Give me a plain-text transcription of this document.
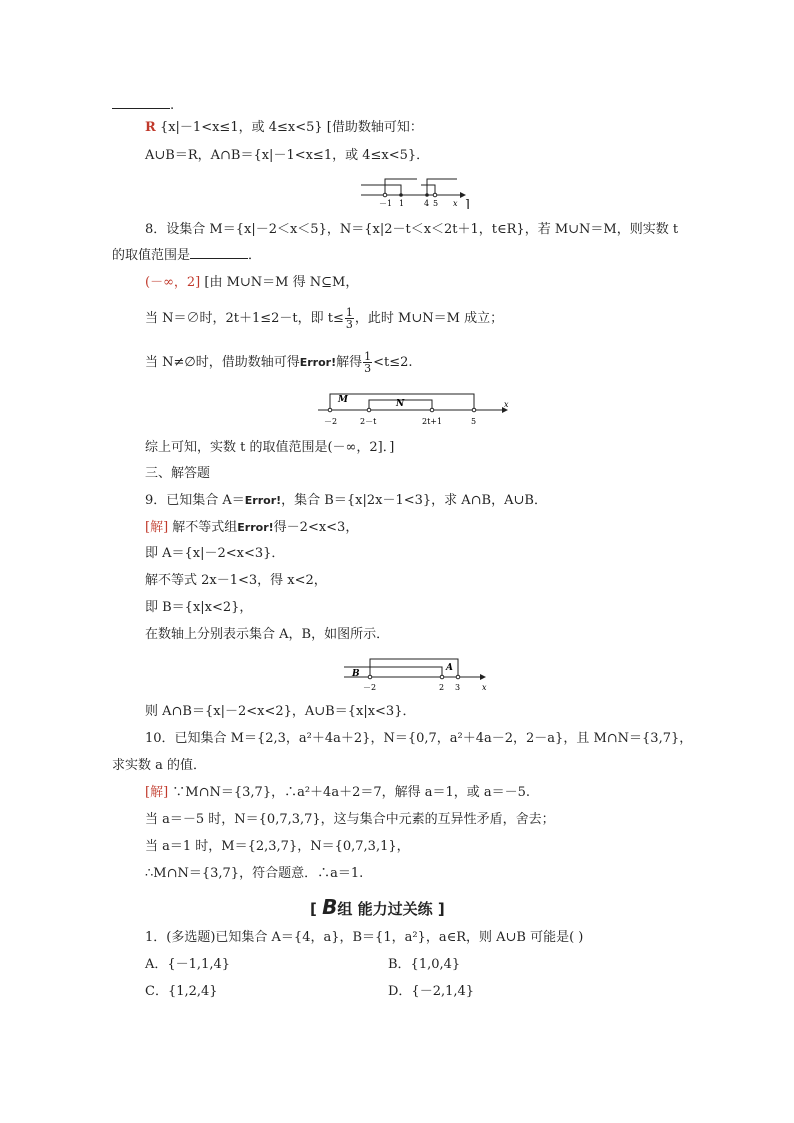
.
R {x|－1<x≤1，或 4≤x<5} [借助数轴可知：
A∪B＝R，A∩B＝{x|－1<x≤1，或 4≤x<5}．
－1 1 4 5 x ]
8．设集合 M＝{x|－2＜x＜5}，N＝{x|2－t＜x＜2t＋1，t∈R}，若 M∪N＝M，则实数 t
的取值范围是	．
(－∞，2] [由 M∪N＝M 得 N⊆M，
当 N＝∅时，2t＋1≤2－t，即 $t\le \frac{1}{3}$ ，此时 M∪N＝M 成立；
当 N≠∅时，借助数轴可得Error!解得 $\frac{1}{3} <t\le 2$.
M	N
－2	2－t	2t+1	5
x
综上可知，实数 t 的取值范围是(－∞，2]．]
三、解答题
9．已知集合 A＝Error!，集合 B＝{x|2x－1<3}，求 A∩B，A∪B．
[解] 解不等式组Error!得－2<x<3，
即 A＝{x|－2<x<3}．
解不等式 2x－1<3，得 x<2，
即 B＝{x|x<2}，
在数轴上分别表示集合 A，B，如图所示．
A
B
－2	2 3	x
则 A∩B＝{x|－2<x<2}，A∪B＝{x|x<3}．
10．已知集合 M＝{2,3，a²＋4a＋2}，N＝{0,7，a²＋4a－2，2－a}，且 M∩N＝{3,7}，
求实数 a 的值．
[解] ∵M∩N＝{3,7}，∴a²＋4a＋2＝7，解得 a＝1，或 a＝－5.
当 a＝－5 时，N＝{0,7,3,7}，这与集合中元素的互异性矛盾，舍去；
当 a＝1 时，M＝{2,3,7}，N＝{0,7,3,1}，
∴M∩N＝{3,7}，符合题意．∴a＝1.
[ B组 能力过关练 ]
1．(多选题)已知集合 A＝{4，a}，B＝{1，a²}，a∈R，则 A∪B 可能是( )
A．{－1,1,4}	B．{1,0,4}
C．{1,2,4}	D．{－2,1,4}
